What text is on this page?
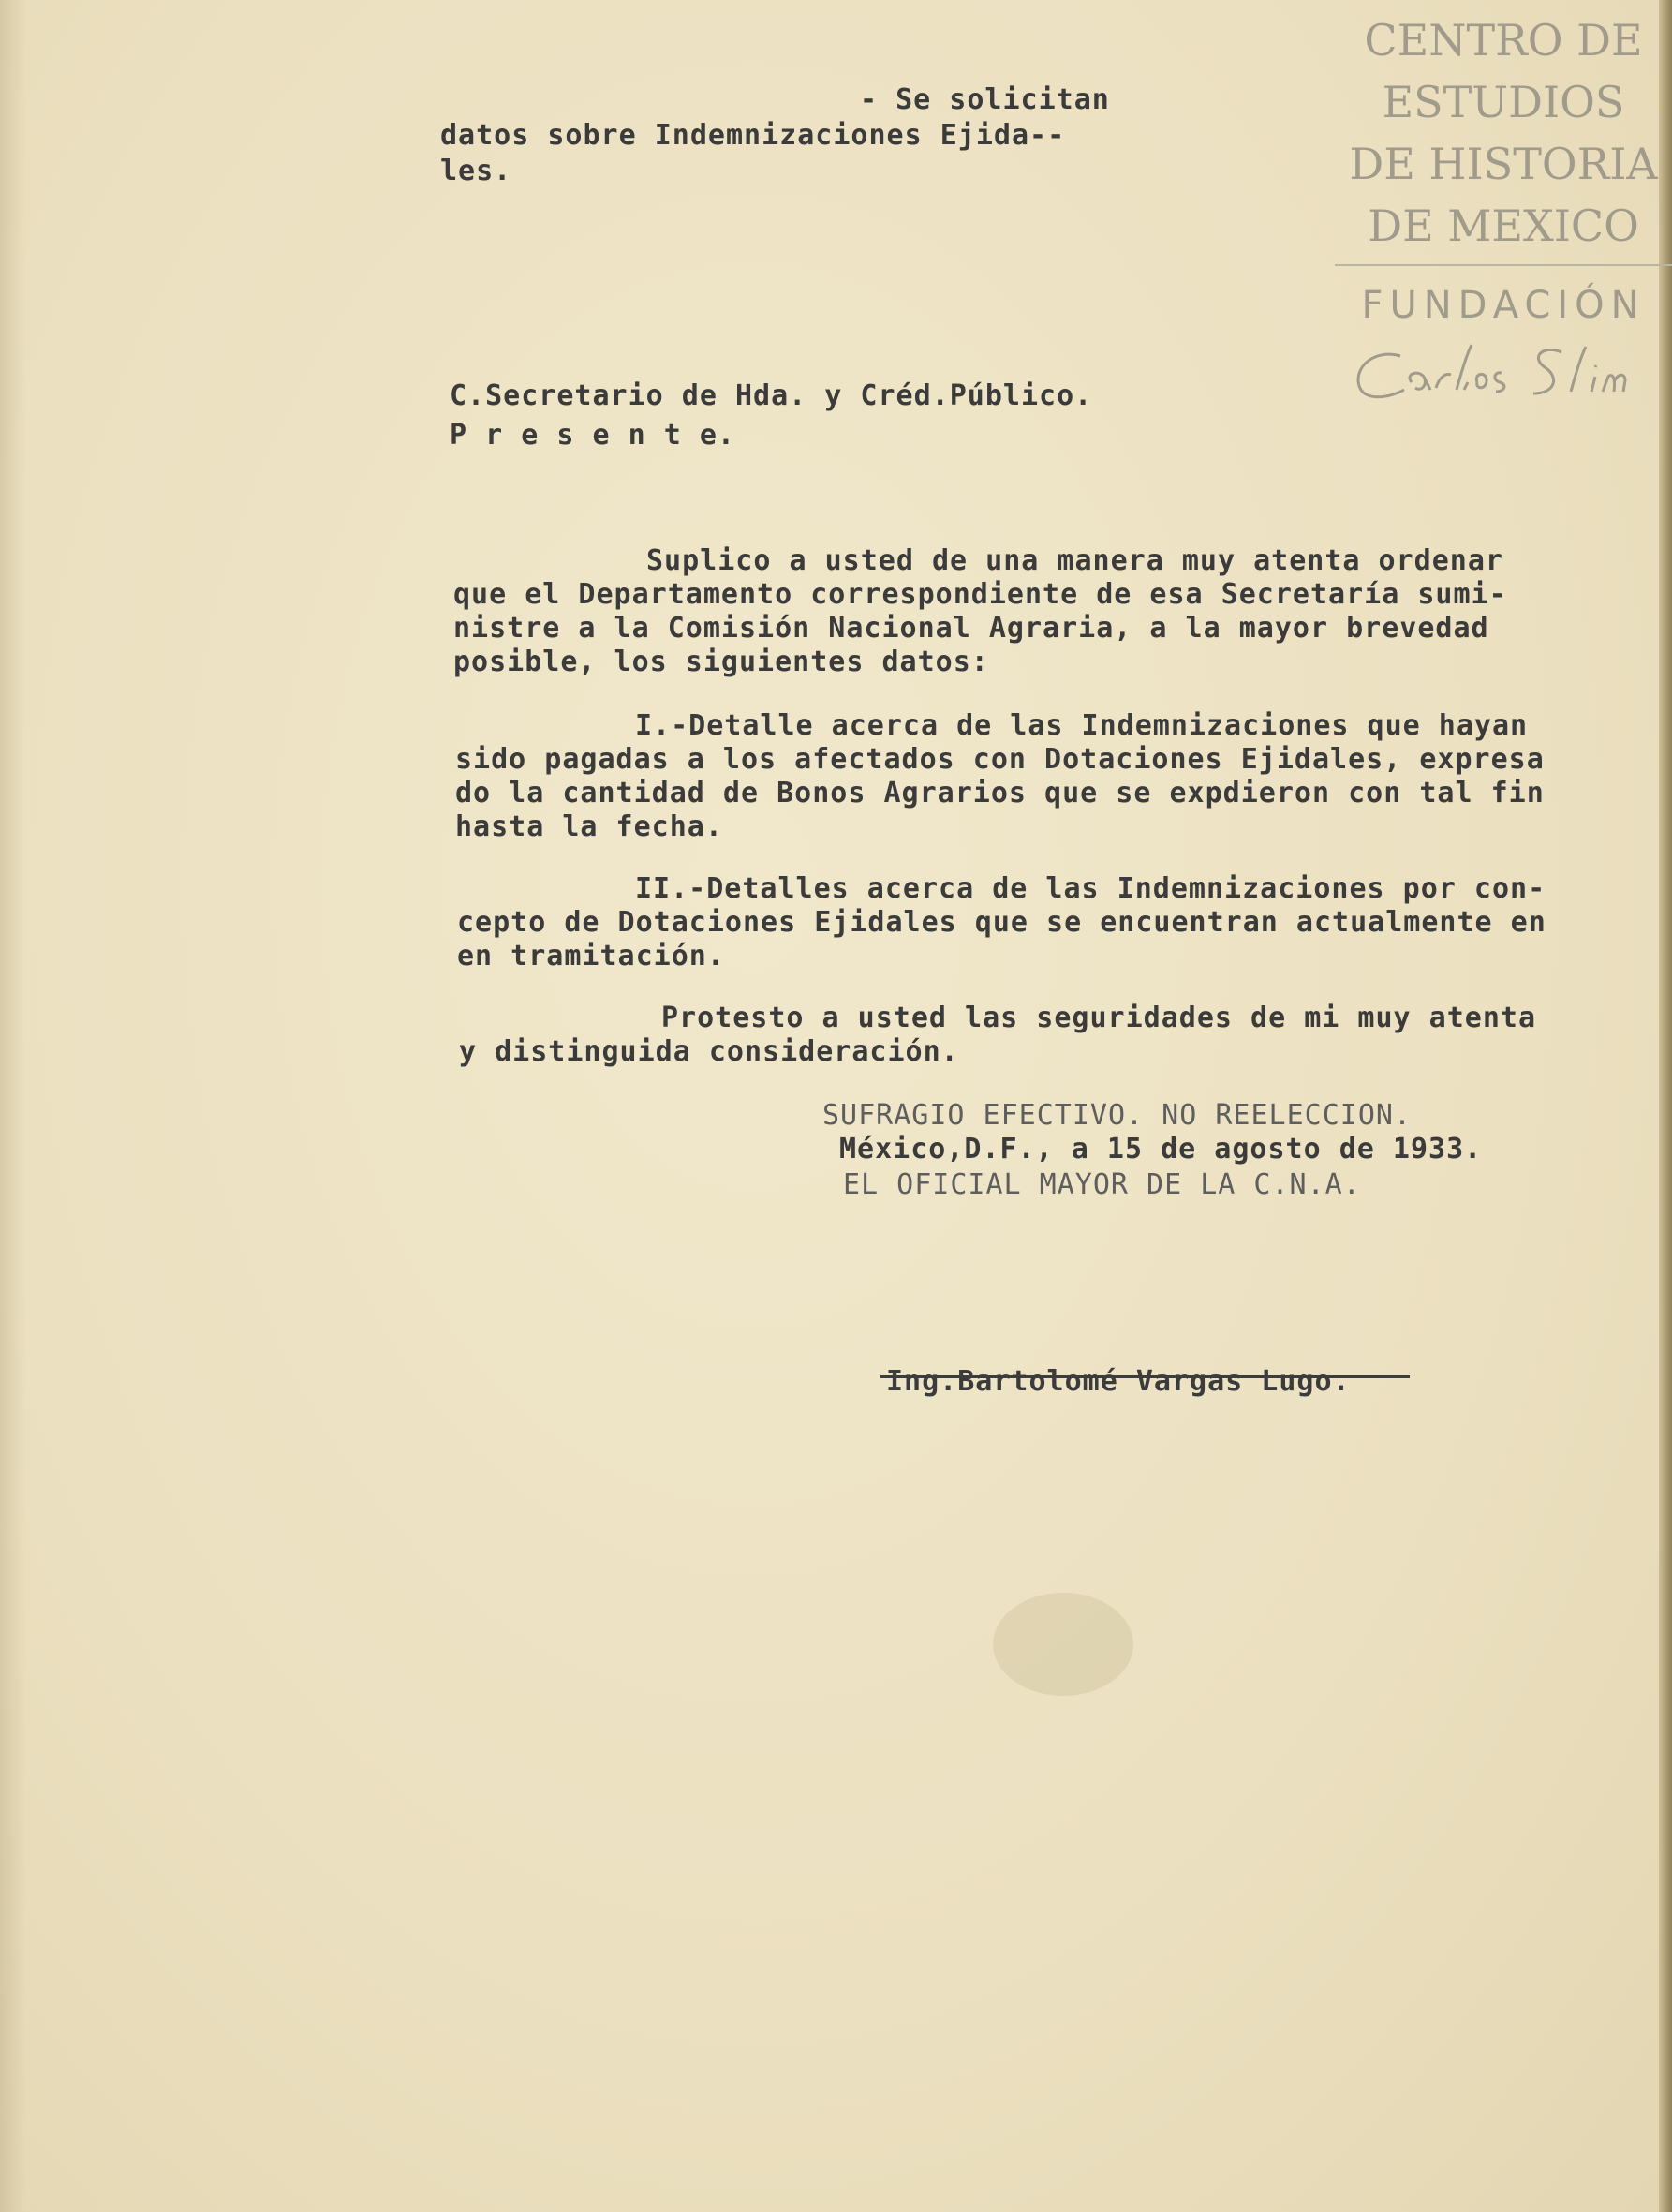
CENTRO DE

ESTUDIOS

DE HISTORIA

DE MEXICO

FUNDACIÓN

- Se solicitan

datos sobre Indemnizaciones Ejida--

les.

C.Secretario de Hda. y Créd.Público.

P r e s e n t e.

Suplico a usted de una manera muy atenta ordenar

que el Departamento correspondiente de esa Secretaría sumi-

nistre a la Comisión Nacional Agraria, a la mayor brevedad

posible, los siguientes datos:

I.-Detalle acerca de las Indemnizaciones que hayan

sido pagadas a los afectados con Dotaciones Ejidales, expresa

do la cantidad de Bonos Agrarios que se expdieron con tal fin

hasta la fecha.

II.-Detalles acerca de las Indemnizaciones por con-

cepto de Dotaciones Ejidales que se encuentran actualmente en

en tramitación.

Protesto a usted las seguridades de mi muy atenta

y distinguida consideración.

SUFRAGIO EFECTIVO. NO REELECCION.

México,D.F., a 15 de agosto de 1933.

EL OFICIAL MAYOR DE LA C.N.A.

Ing.Bartolomé Vargas Lugo.
